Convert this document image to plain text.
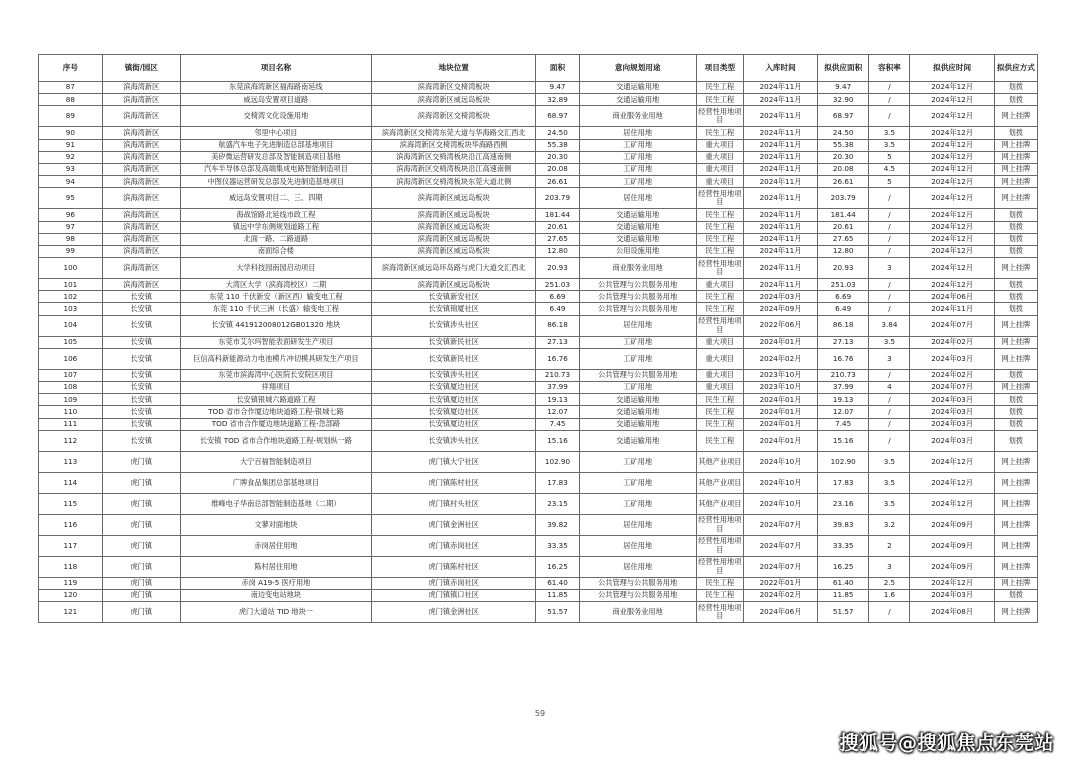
序号	镇街/园区	项目名称	地块位置	面积	意向规划用途	项目类型	入库时间	拟供应面积	容积率	拟供应时间	拟供应方式
87	滨海湾新区	东莞滨海湾新区福海路南延线	滨海湾新区交椅湾板块	9.47	交通运输用地	民生工程	2024年11月	9.47	/	2024年12月	划拨
88	滨海湾新区	威远岛安置项目道路	滨海湾新区威远岛板块	32.89	交通运输用地	民生工程	2024年11月	32.90	/	2024年12月	划拨
89	滨海湾新区	交椅湾文化设施用地	滨海湾新区交椅湾板块	68.97	商业服务业用地	经营性用地项目	2024年11月	68.97	/	2024年12月	网上挂牌
90	滨海湾新区	邻里中心项目	滨海湾新区交椅湾东莞大道与华海路交汇西北	24.50	居住用地	民生工程	2024年11月	24.50	3.5	2024年12月	划拨
91	滨海湾新区	航盛汽车电子先进制造总部基地项目	滨海湾新区交椅湾板块华海路西侧	55.38	工矿用地	重大项目	2024年11月	55.38	3.5	2024年12月	网上挂牌
92	滨海湾新区	美矽微运营研发总部及智能制造项目基地	滨海湾新区交椅湾板块沿江高速南侧	20.30	工矿用地	重大项目	2024年11月	20.30	5	2024年12月	网上挂牌
93	滨海湾新区	汽车半导体总部及高端集成电路智能制造项目	滨海湾新区交椅湾板块沿江高速南侧	20.08	工矿用地	重大项目	2024年11月	20.08	4.5	2024年12月	网上挂牌
94	滨海湾新区	中图仪器运营研发总部及先进制造基地项目	滨海湾新区交椅湾板块东莞大道北侧	26.61	工矿用地	重大项目	2024年11月	26.61	5	2024年12月	网上挂牌
95	滨海湾新区	威远岛安置项目二、三、四期	滨海湾新区威远岛板块	203.79	居住用地	经营性用地项目	2024年11月	203.79	/	2024年12月	网上挂牌
96	滨海湾新区	海战馆路北延线市政工程	滨海湾新区威远岛板块	181.44	交通运输用地	民生工程	2024年11月	181.44	/	2024年12月	划拨
97	滨海湾新区	镇远中学东侧规划道路工程	滨海湾新区威远岛板块	20.61	交通运输用地	民生工程	2024年11月	20.61	/	2024年12月	划拨
98	滨海湾新区	北面一路、二路道路	滨海湾新区威远岛板块	27.65	交通运输用地	民生工程	2024年11月	27.65	/	2024年12月	划拨
99	滨海湾新区	南面综合楼	滨海湾新区威远岛板块	12.80	公用设施用地	民生工程	2024年11月	12.80	/	2024年12月	划拨
100	滨海湾新区	大学科技园南园启动项目	滨海湾新区威远岛环岛路与虎门大道交汇西北	20.93	商业服务业用地	经营性用地项目	2024年11月	20.93	3	2024年12月	网上挂牌
101	滨海湾新区	大湾区大学（滨海湾校区）二期	滨海湾新区威远岛板块	251.03	公共管理与公共服务用地	重大项目	2024年11月	251.03	/	2024年12月	划拨
102	长安镇	东莞 110 千伏新安（新区西）输变电工程	长安镇新安社区	6.69	公共管理与公共服务用地	民生工程	2024年03月	6.69	/	2024年06月	划拨
103	长安镇	东莞 110 千伏三洲（长盛）输变电工程	长安镇锦厦社区	6.49	公共管理与公共服务用地	民生工程	2024年09月	6.49	/	2024年11月	划拨
104	长安镇	长安镇 441912008012GB01320 地块	长安镇涉头社区	86.18	居住用地	经营性用地项目	2022年06月	86.18	3.84	2024年07月	网上挂牌
105	长安镇	东莞市艾尔玛智能表面研发生产项目	长安镇新民社区	27.13	工矿用地	重大项目	2024年01月	27.13	3.5	2024年02月	网上挂牌
106	长安镇	巨信高科新能源动力电池模片冲切模具研发生产项目	长安镇新民社区	16.76	工矿用地	重大项目	2024年02月	16.76	3	2024年03月	网上挂牌
107	长安镇	东莞市滨海湾中心医院长安院区项目	长安镇涉头社区	210.73	公共管理与公共服务用地	重大项目	2023年10月	210.73	/	2024年02月	划拨
108	长安镇	祥翔项目	长安镇厦边社区	37.99	工矿用地	重大项目	2023年10月	37.99	4	2024年07月	网上挂牌
109	长安镇	长安镇银城六路道路工程	长安镇厦边社区	19.13	交通运输用地	民生工程	2024年01月	19.13	/	2024年03月	划拨
110	长安镇	TOD 省市合作厦边地块道路工程-银城七路	长安镇厦边社区	12.07	交通运输用地	民生工程	2024年01月	12.07	/	2024年03月	划拨
111	长安镇	TOD 省市合作厦边地块道路工程-急部路	长安镇厦边社区	7.45	交通运输用地	民生工程	2024年01月	7.45	/	2024年03月	划拨
112	长安镇	长安镇 TOD 省市合作地块道路工程-规划纵一路	长安镇涉头社区	15.16	交通运输用地	民生工程	2024年01月	15.16	/	2024年03月	划拨
113	虎门镇	大宁百福智能制造项目	虎门镇大宁社区	102.90	工矿用地	其他产业项目	2024年10月	102.90	3.5	2024年12月	网上挂牌
114	虎门镇	广牌食品集团总部基地项目	虎门镇陈村社区	17.83	工矿用地	其他产业项目	2024年10月	17.83	3.5	2024年12月	网上挂牌
115	虎门镇	维峰电子华南总部智能制造基地（二期）	虎门镇村头社区	23.15	工矿用地	其他产业项目	2024年10月	23.16	3.5	2024年12月	网上挂牌
116	虎门镇	文蓼对面地块	虎门镇金洲社区	39.82	居住用地	经营性用地项目	2024年07月	39.83	3.2	2024年09月	网上挂牌
117	虎门镇	赤岗居住用地	虎门镇赤岗社区	33.35	居住用地	经营性用地项目	2024年07月	33.35	2	2024年09月	网上挂牌
118	虎门镇	陈村居住用地	虎门镇陈村社区	16.25	居住用地	经营性用地项目	2024年07月	16.25	3	2024年09月	网上挂牌
119	虎门镇	赤岗 A19-5 医疗用地	虎门镇赤岗社区	61.40	公共管理与公共服务用地	民生工程	2022年01月	61.40	2.5	2024年12月	网上挂牌
120	虎门镇	南边变电站地块	虎门镇镇口社区	11.85	公共管理与公共服务用地	民生工程	2024年02月	11.85	1.6	2024年03月	划拨
121	虎门镇	虎门大道站 TID 地块一	虎门镇金洲社区	51.57	商业服务业用地	经营性用地项目	2024年06月	51.57	/	2024年08月	网上挂牌
59
搜狐号@搜狐焦点东莞站
